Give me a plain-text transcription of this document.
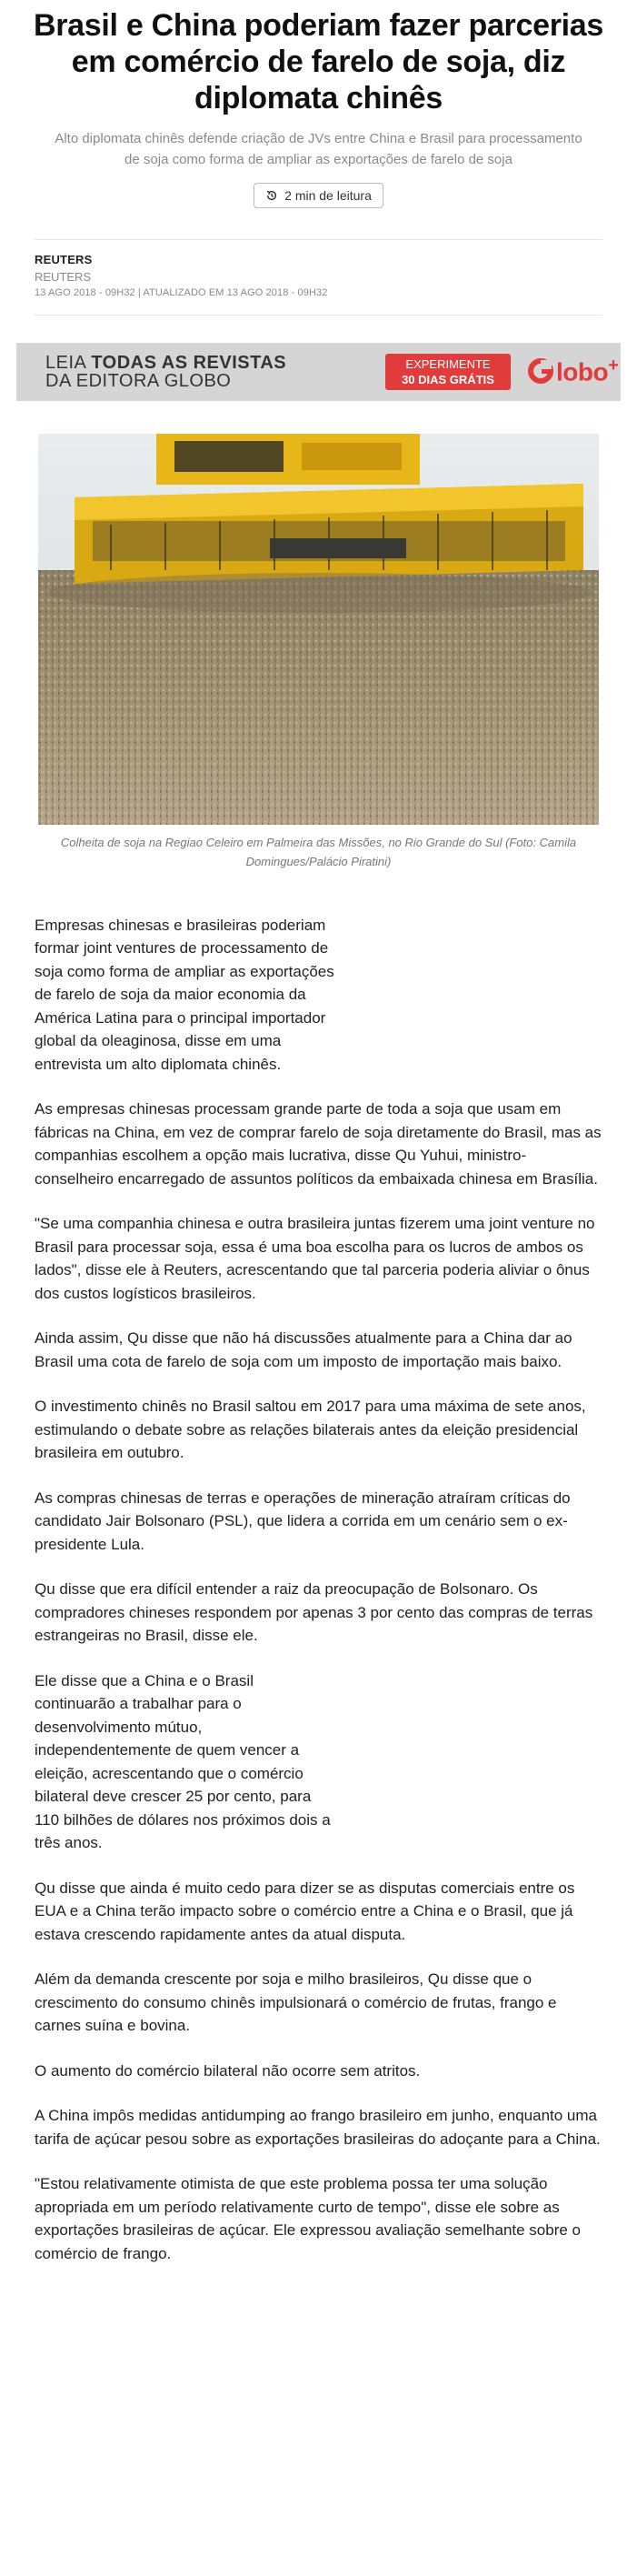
Brasil e China poderiam fazer parcerias em comércio de farelo de soja, diz diplomata chinês

Alto diplomata chinês defende criação de JVs entre China e Brasil para processamento de soja como forma de ampliar as exportações de farelo de soja

2 min de leitura
REUTERS
REUTERS
13 AGO 2018 - 09H32 | ATUALIZADO EM 13 AGO 2018 - 09H32
LEIA TODAS AS REVISTAS
DA EDITORA GLOBO
EXPERIMENTE
30 DIAS GRÁTIS	lobo+

Colheita de soja na Regiao Celeiro em Palmeira das Missões, no Rio Grande do Sul (Foto: Camila Domingues/Palácio Piratini)

Empresas chinesas e brasileiras poderiam formar joint ventures de processamento de soja como forma de ampliar as exportações de farelo de soja da maior economia da América Latina para o principal importador global da oleaginosa, disse em uma entrevista um alto diplomata chinês.

As empresas chinesas processam grande parte de toda a soja que usam em fábricas na China, em vez de comprar farelo de soja diretamente do Brasil, mas as companhias escolhem a opção mais lucrativa, disse Qu Yuhui, ministro-conselheiro encarregado de assuntos políticos da embaixada chinesa em Brasília.

"Se uma companhia chinesa e outra brasileira juntas fizerem uma joint venture no Brasil para processar soja, essa é uma boa escolha para os lucros de ambos os lados", disse ele à Reuters, acrescentando que tal parceria poderia aliviar o ônus dos custos logísticos brasileiros.

Ainda assim, Qu disse que não há discussões atualmente para a China dar ao Brasil uma cota de farelo de soja com um imposto de importação mais baixo.

O investimento chinês no Brasil saltou em 2017 para uma máxima de sete anos, estimulando o debate sobre as relações bilaterais antes da eleição presidencial brasileira em outubro.

As compras chinesas de terras e operações de mineração atraíram críticas do candidato Jair Bolsonaro (PSL), que lidera a corrida em um cenário sem o ex-presidente Lula.

Qu disse que era difícil entender a raiz da preocupação de Bolsonaro. Os compradores chineses respondem por apenas 3 por cento das compras de terras estrangeiras no Brasil, disse ele.

Ele disse que a China e o Brasil continuarão a trabalhar para o desenvolvimento mútuo, independentemente de quem vencer a eleição, acrescentando que o comércio bilateral deve crescer 25 por cento, para 110 bilhões de dólares nos próximos dois a três anos.

Qu disse que ainda é muito cedo para dizer se as disputas comerciais entre os EUA e a China terão impacto sobre o comércio entre a China e o Brasil, que já estava crescendo rapidamente antes da atual disputa.

Além da demanda crescente por soja e milho brasileiros, Qu disse que o crescimento do consumo chinês impulsionará o comércio de frutas, frango e carnes suína e bovina.

O aumento do comércio bilateral não ocorre sem atritos.

A China impôs medidas antidumping ao frango brasileiro em junho, enquanto uma tarifa de açúcar pesou sobre as exportações brasileiras do adoçante para a China.

"Estou relativamente otimista de que este problema possa ter uma solução apropriada em um período relativamente curto de tempo", disse ele sobre as exportações brasileiras de açúcar. Ele expressou avaliação semelhante sobre o comércio de frango.
